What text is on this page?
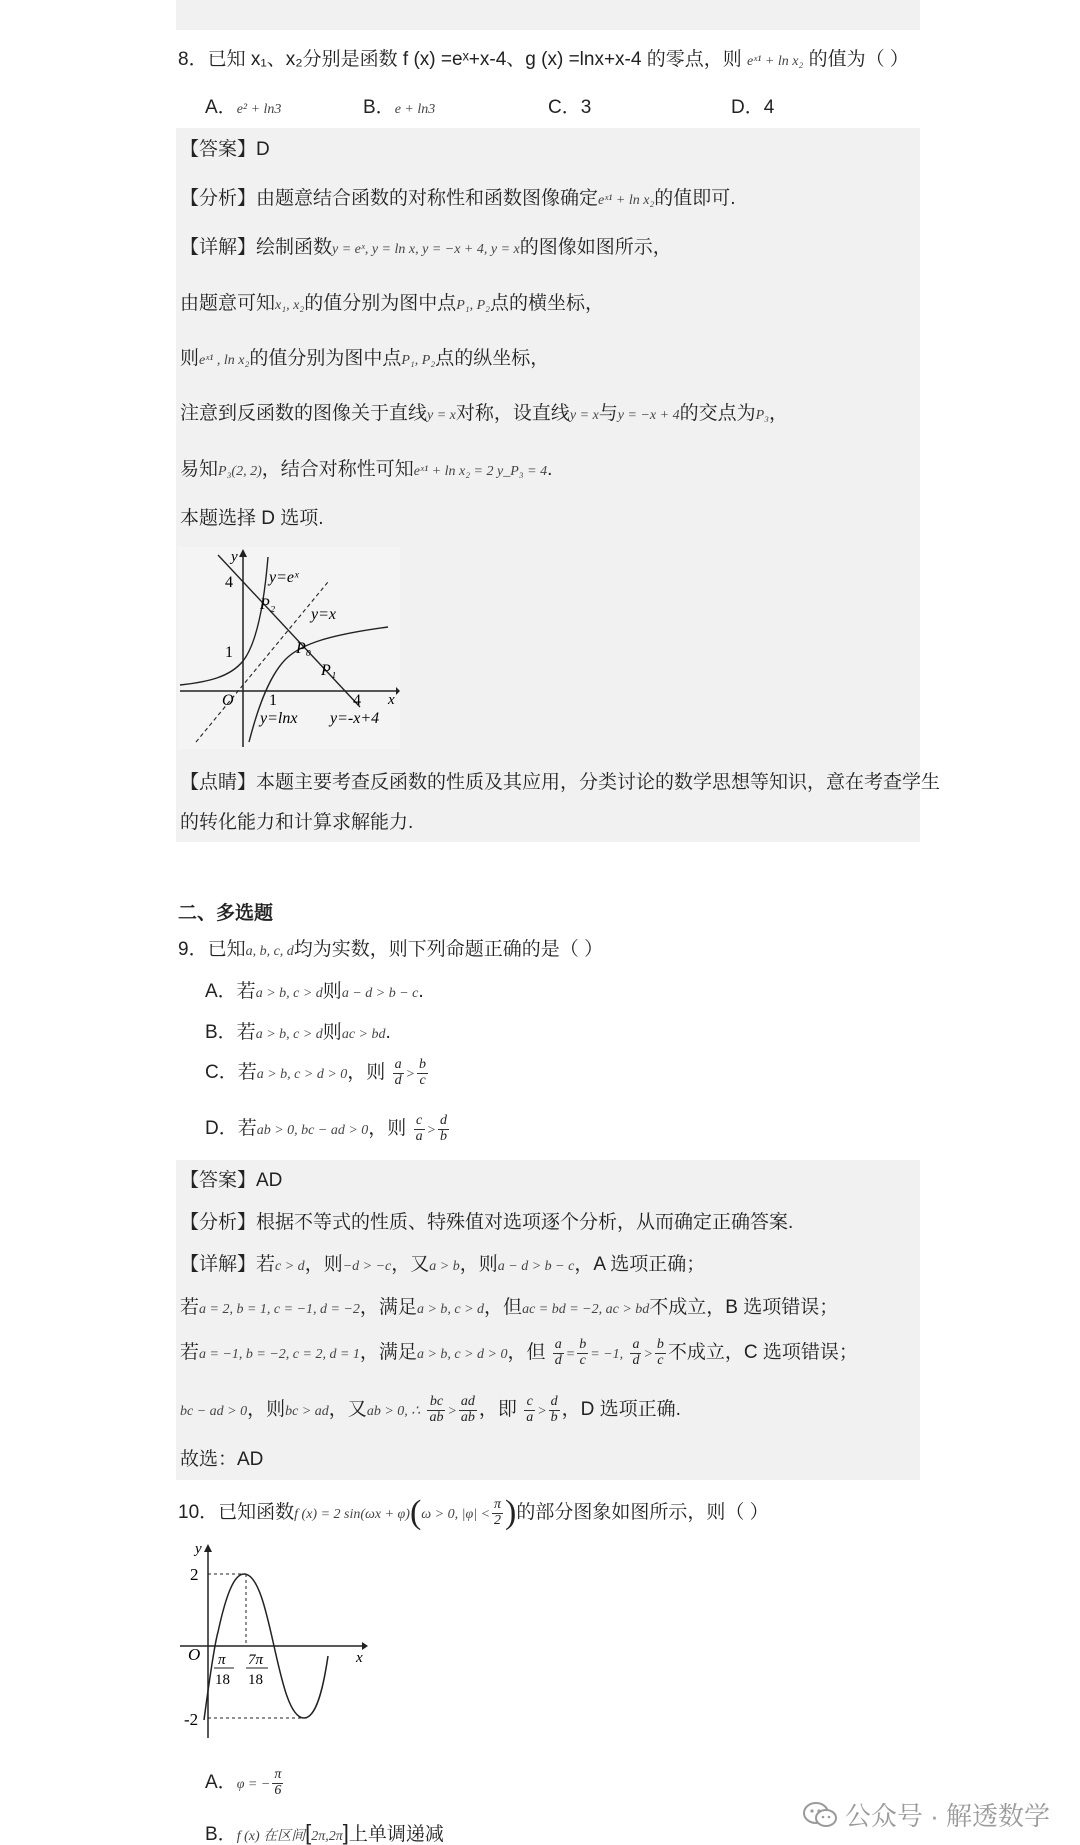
8．已知 x₁、x₂分别是函数 f (x) =eˣ+x-4、g (x) =lnx+x-4 的零点，则 eˣ¹ + ln x₂ 的值为（ ）
A．e² + ln3	B．e + ln3	C．3	D．4
【答案】D
【分析】由题意结合函数的对称性和函数图像确定eˣ¹ + ln x₂的值即可.
【详解】绘制函数y = eˣ, y = ln x, y = −x + 4, y = x的图像如图所示，
由题意可知x₁, x₂的值分别为图中点P₁, P₂点的横坐标，
则eˣ¹ , ln x₂的值分别为图中点P₁, P₂点的纵坐标，
注意到反函数的图像关于直线y = x对称，设直线y = x与y = −x + 4的交点为P₃，
易知P₃(2, 2)，结合对称性可知eˣ¹ + ln x₂ = 2 y_P₃ = 4.
本题选择 D 选项.
y
4 y=eˣ
P₂
y=x
1	P₀
P₁
O 1	4 x
y=lnx y=-x+4
【点睛】本题主要考查反函数的性质及其应用，分类讨论的数学思想等知识，意在考查学生
的转化能力和计算求解能力.
二、多选题
9．已知a, b, c, d均为实数，则下列命题正确的是（ ）
A．若a > b, c > d则a − d > b − c.
B．若a > b, c > d则ac > bd.
C．若a > b, c > d > 0，则 $\frac{a}{d} > \frac{b}{c}$
D．若ab > 0, bc − ad > 0，则 $\frac{c}{a} > \frac{d}{b}$
【答案】AD
【分析】根据不等式的性质、特殊值对选项逐个分析，从而确定正确答案.
【详解】若c > d，则−d > −c，又a > b，则a − d > b − c，A 选项正确；
若a = 2, b = 1, c = −1, d = −2，满足a > b, c > d，但ac = bd = −2, ac > bd不成立，B 选项错误；
若a = −1, b = −2, c = 2, d = 1，满足a > b, c > d > 0，但 $\frac{a}{d} = \frac{b}{c} = -1$, $\frac{a}{d} > \frac{b}{c}$ 不成立，C 选项错误；
bc − ad > 0，则bc > ad，又ab > 0, ∴ $\frac{bc}{ab} > \frac{ad}{ab}$ ，即 $\frac{c}{a} > \frac{d}{b}$ ，D 选项正确.
故选：AD
10．已知函数f (x) = 2 sin(ωx + φ)(ω > 0, $|\varphi| < \frac{\pi}{2}$ )的部分图象如图所示，则（ ）
y
2
O π
18
7π
18
x
-2
A．φ = − $\frac{\pi}{6}$
B．f (x) 在区间[2π,2π]上单调递减
公众号 · 解透数学
